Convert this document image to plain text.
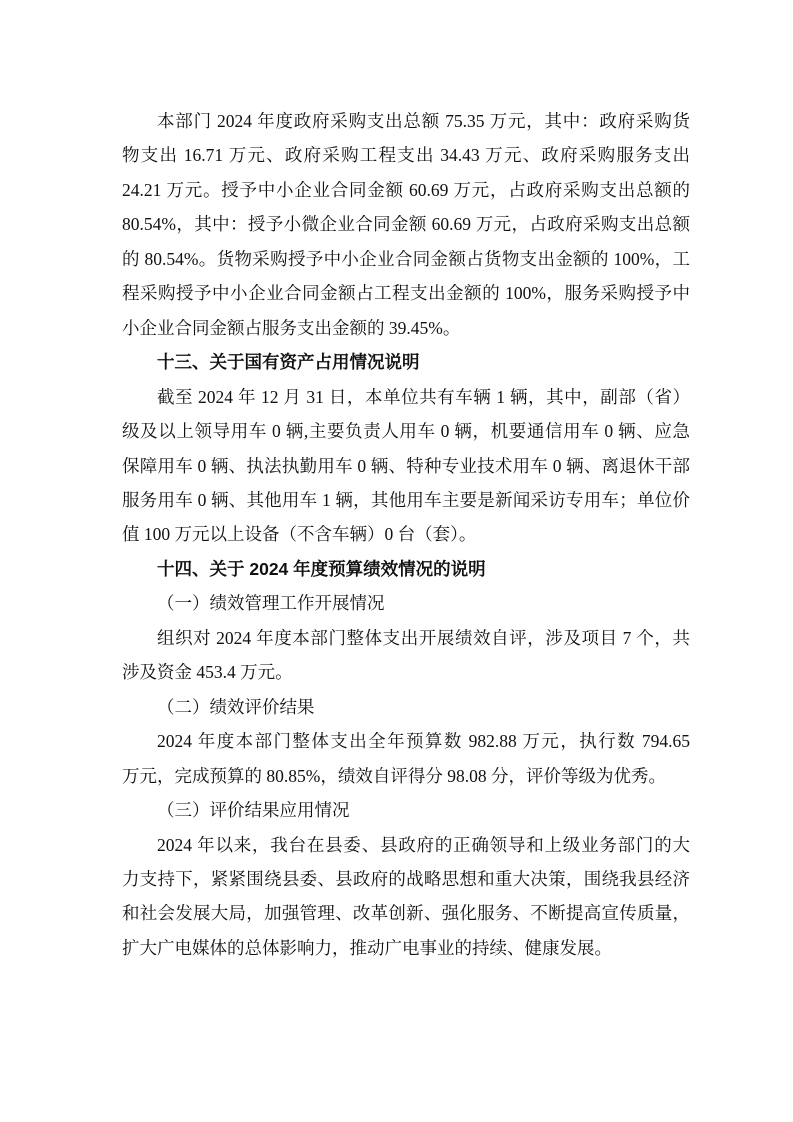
本部门 2024 年度政府采购支出总额 75.35 万元，其中：政府采购货
物支出 16.71 万元、政府采购工程支出 34.43 万元、政府采购服务支出
24.21 万元。授予中小企业合同金额 60.69 万元，占政府采购支出总额的
80.54%，其中：授予小微企业合同金额 60.69 万元，占政府采购支出总额
的 80.54%。货物采购授予中小企业合同金额占货物支出金额的 100%，工
程采购授予中小企业合同金额占工程支出金额的 100%，服务采购授予中
小企业合同金额占服务支出金额的 39.45%。
十三、关于国有资产占用情况说明
截至 2024 年 12 月 31 日，本单位共有车辆 1 辆，其中，副部（省）
级及以上领导用车 0 辆,主要负责人用车 0 辆，机要通信用车 0 辆、应急
保障用车 0 辆、执法执勤用车 0 辆、特种专业技术用车 0 辆、离退休干部
服务用车 0 辆、其他用车 1 辆，其他用车主要是新闻采访专用车；单位价
值 100 万元以上设备（不含车辆）0 台（套）。
十四、关于 2024 年度预算绩效情况的说明
（一）绩效管理工作开展情况
组织对 2024 年度本部门整体支出开展绩效自评，涉及项目 7 个，共
涉及资金 453.4 万元。
（二）绩效评价结果
2024 年度本部门整体支出全年预算数 982.88 万元，执行数 794.65
万元，完成预算的 80.85%，绩效自评得分 98.08 分，评价等级为优秀。
（三）评价结果应用情况
2024 年以来，我台在县委、县政府的正确领导和上级业务部门的大
力支持下，紧紧围绕县委、县政府的战略思想和重大决策，围绕我县经济
和社会发展大局，加强管理、改革创新、强化服务、不断提高宣传质量，
扩大广电媒体的总体影响力，推动广电事业的持续、健康发展。
